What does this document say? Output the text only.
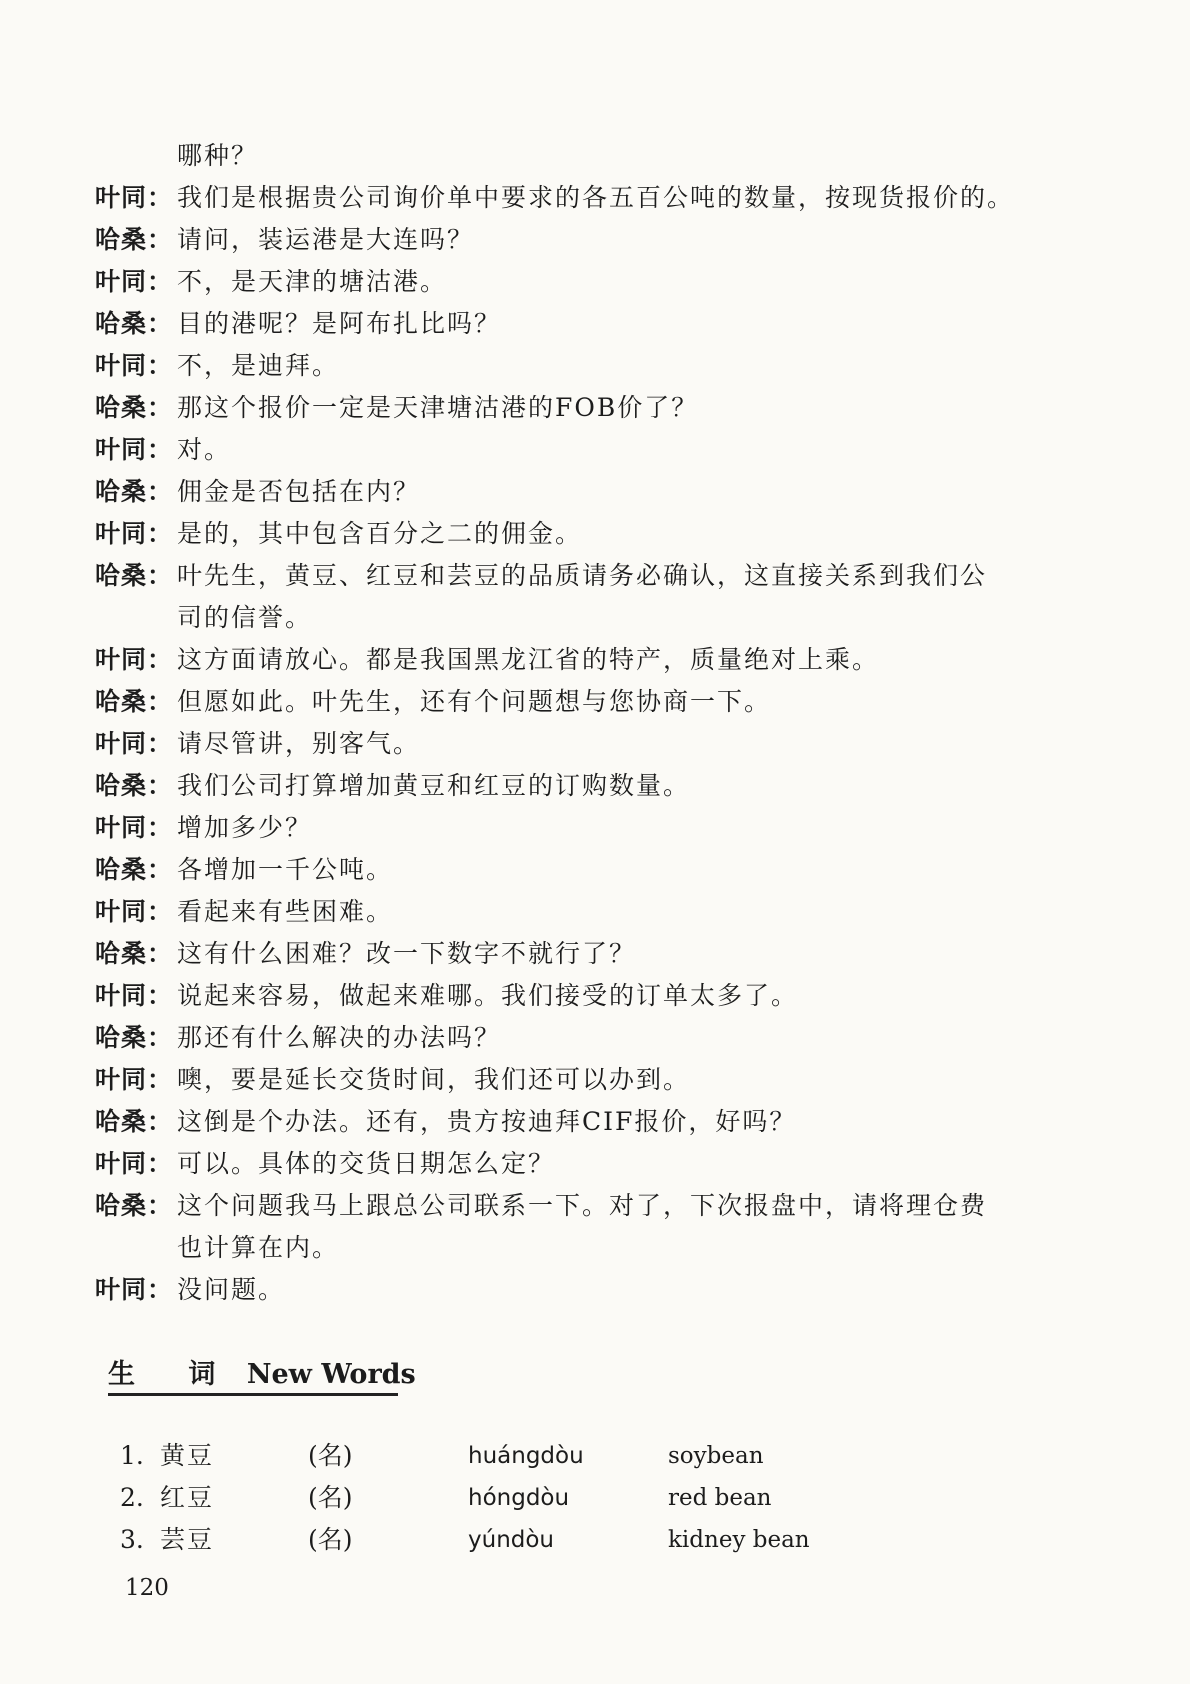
哪种？
叶同： 我们是根据贵公司询价单中要求的各五百公吨的数量，按现货报价的。
哈桑： 请问，装运港是大连吗？
叶同： 不，是天津的塘沽港。
哈桑： 目的港呢？是阿布扎比吗？
叶同： 不，是迪拜。
哈桑： 那这个报价一定是天津塘沽港的FOB价了？
叶同： 对。
哈桑： 佣金是否包括在内？
叶同： 是的，其中包含百分之二的佣金。
哈桑： 叶先生，黄豆、红豆和芸豆的品质请务必确认，这直接关系到我们公
司的信誉。
叶同： 这方面请放心。都是我国黑龙江省的特产，质量绝对上乘。
哈桑： 但愿如此。叶先生，还有个问题想与您协商一下。
叶同： 请尽管讲，别客气。
哈桑： 我们公司打算增加黄豆和红豆的订购数量。
叶同： 增加多少？
哈桑： 各增加一千公吨。
叶同： 看起来有些困难。
哈桑： 这有什么困难？改一下数字不就行了？
叶同： 说起来容易，做起来难哪。我们接受的订单太多了。
哈桑： 那还有什么解决的办法吗？
叶同： 噢，要是延长交货时间，我们还可以办到。
哈桑： 这倒是个办法。还有，贵方按迪拜CIF报价，好吗？
叶同： 可以。具体的交货日期怎么定？
哈桑： 这个问题我马上跟总公司联系一下。对了，下次报盘中，请将理仓费
也计算在内。
叶同： 没问题。
生 词 New Words
1. 黄豆	(名)	huángdòu	soybean
2. 红豆	(名)	hóngdòu	red bean
3. 芸豆	(名)	yúndòu	kidney bean
120
